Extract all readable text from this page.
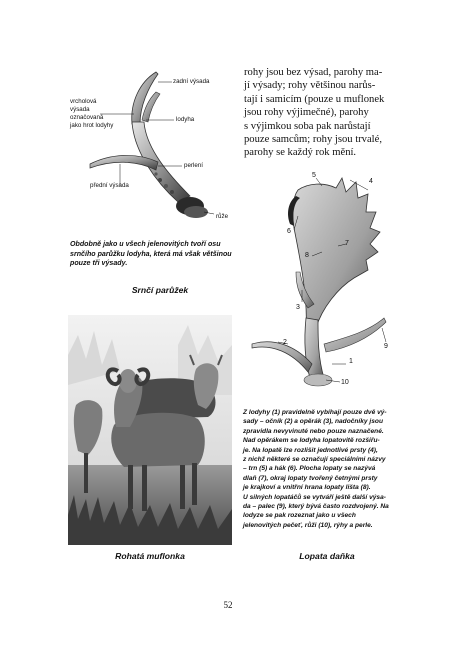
zadní výsada
vrcholová
výsada
označovaná
jako hrot lodyhy
lodyha
perlení
přední výsada
růže
Obdobně jako u všech jelenovitých tvoří osu
srnčího parůžku lodyha, která má však většinou
pouze tři výsady.
Srnčí parůžek
rohy jsou bez výsad, parohy ma-
jí výsady; rohy většinou narůs-
tají i samicím (pouze u muflonek
jsou rohy výjimečné), parohy
s výjimkou soba pak narůstají
pouze samcům; rohy jsou trvalé,
parohy se každý rok mění.
1
2
3
4
5
6
7
8
9
10
Rohatá muflonka
Z lodyhy (1) pravidelně vybíhají pouze dvě vý-
sady – očník (2) a opěrák (3), nadočníky jsou
zpravidla nevyvinuté nebo pouze naznačené.
Nad opěrákem se lodyha lopatovitě rozšiřu-
je. Na lopatě lze rozlišit jednotlivé prsty (4),
z nichž některé se označují speciálními názvy
– trn (5) a hák (6). Plocha lopaty se nazývá
dlaň (7), okraj lopaty tvořený četnými prsty
je krajkoví a vnitřní hrana lopaty lišta (8).
U silných lopatáčů se vytváří ještě další výsa-
da – palec (9), který bývá často rozdvojený. Na
lodyze se pak rozeznat jako u všech
jelenovitých pečeť, růži (10), rýhy a perle.
Lopata daňka
52
